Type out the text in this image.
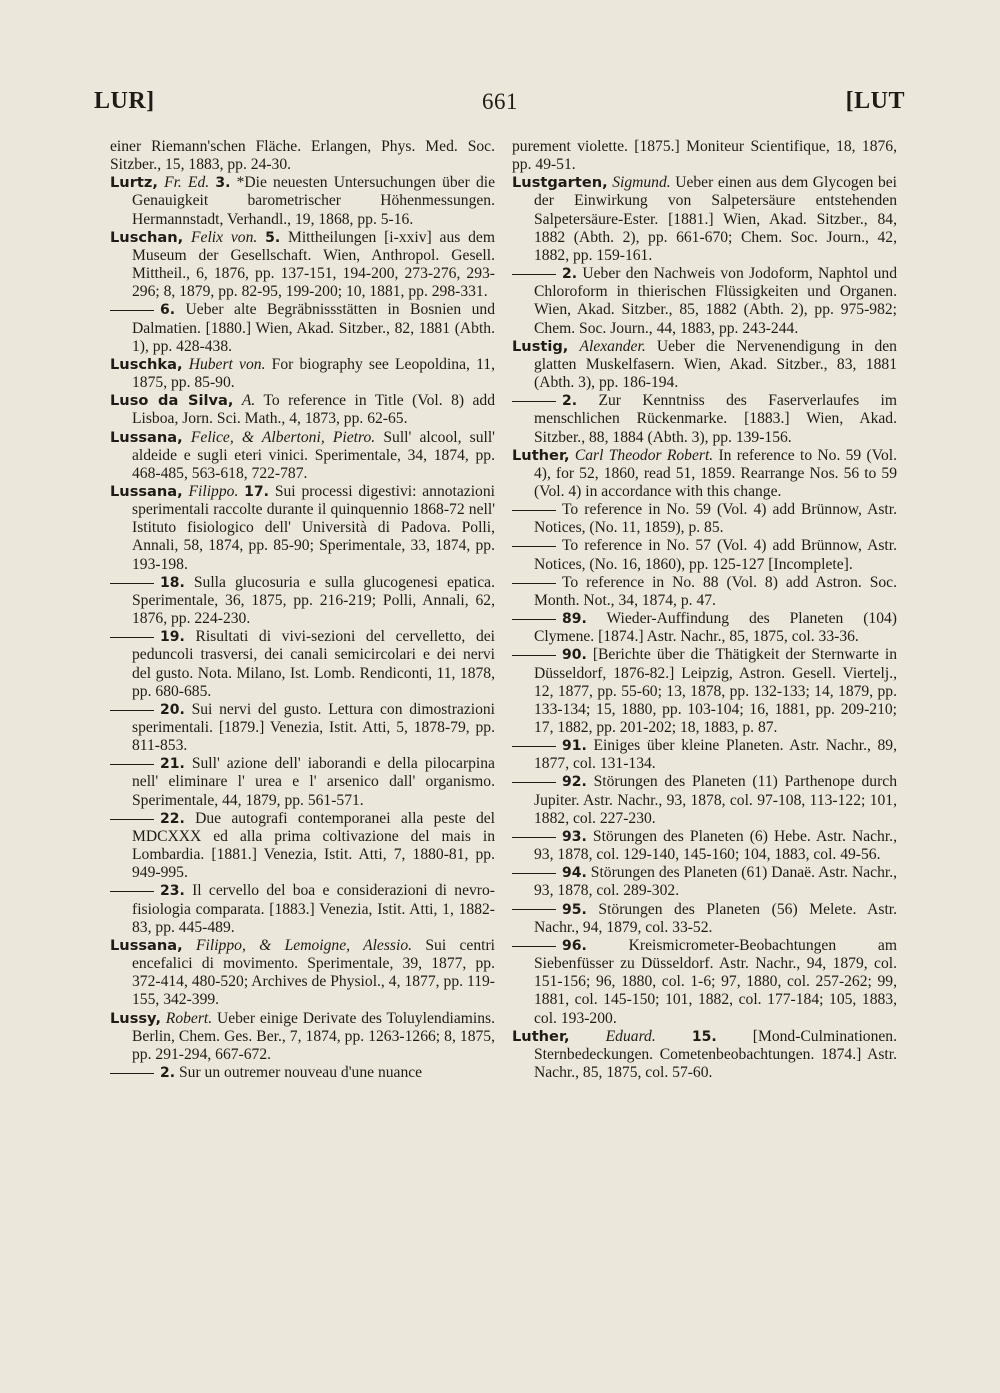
LUR]	661	[LUT

einer Riemann'schen Fläche. Erlangen, Phys. Med. Soc. Sitzber., 15, 1883, pp. 24-30.

Lurtz, Fr. Ed. 3. *Die neuesten Untersuchungen über die Genauigkeit barometrischer Höhenmessungen. Hermannstadt, Verhandl., 19, 1868, pp. 5-16.

Luschan, Felix von. 5. Mittheilungen [i-xxiv] aus dem Museum der Gesellschaft. Wien, Anthropol. Gesell. Mittheil., 6, 1876, pp. 137-151, 194-200, 273-276, 293-296; 8, 1879, pp. 82-95, 199-200; 10, 1881, pp. 298-331.

6. Ueber alte Begräbnissstätten in Bosnien und Dalmatien. [1880.] Wien, Akad. Sitzber., 82, 1881 (Abth. 1), pp. 428-438.

Luschka, Hubert von. For biography see Leopoldina, 11, 1875, pp. 85-90.

Luso da Silva, A. To reference in Title (Vol. 8) add Lisboa, Jorn. Sci. Math., 4, 1873, pp. 62-65.

Lussana, Felice, & Albertoni, Pietro. Sull' alcool, sull' aldeide e sugli eteri vinici. Sperimentale, 34, 1874, pp. 468-485, 563-618, 722-787.

Lussana, Filippo. 17. Sui processi digestivi: annotazioni sperimentali raccolte durante il quinquennio 1868-72 nell' Istituto fisiologico dell' Università di Padova. Polli, Annali, 58, 1874, pp. 85-90; Sperimentale, 33, 1874, pp. 193-198.

18. Sulla glucosuria e sulla glucogenesi epatica. Sperimentale, 36, 1875, pp. 216-219; Polli, Annali, 62, 1876, pp. 224-230.

19. Risultati di vivi-sezioni del cervelletto, dei peduncoli trasversi, dei canali semicircolari e dei nervi del gusto. Nota. Milano, Ist. Lomb. Rendiconti, 11, 1878, pp. 680-685.

20. Sui nervi del gusto. Lettura con dimostrazioni sperimentali. [1879.] Venezia, Istit. Atti, 5, 1878-79, pp. 811-853.

21. Sull' azione dell' iaborandi e della pilocarpina nell' eliminare l' urea e l' arsenico dall' organismo. Sperimentale, 44, 1879, pp. 561-571.

22. Due autografi contemporanei alla peste del MDCXXX ed alla prima coltivazione del mais in Lombardia. [1881.] Venezia, Istit. Atti, 7, 1880-81, pp. 949-995.

23. Il cervello del boa e considerazioni di nevro-fisiologia comparata. [1883.] Venezia, Istit. Atti, 1, 1882-83, pp. 445-489.

Lussana, Filippo, & Lemoigne, Alessio. Sui centri encefalici di movimento. Sperimentale, 39, 1877, pp. 372-414, 480-520; Archives de Physiol., 4, 1877, pp. 119-155, 342-399.

Lussy, Robert. Ueber einige Derivate des Toluylendiamins. Berlin, Chem. Ges. Ber., 7, 1874, pp. 1263-1266; 8, 1875, pp. 291-294, 667-672.

2. Sur un outremer nouveau d'une nuance

purement violette. [1875.] Moniteur Scientifique, 18, 1876, pp. 49-51.

Lustgarten, Sigmund. Ueber einen aus dem Glycogen bei der Einwirkung von Salpetersäure entstehenden Salpetersäure-Ester. [1881.] Wien, Akad. Sitzber., 84, 1882 (Abth. 2), pp. 661-670; Chem. Soc. Journ., 42, 1882, pp. 159-161.

2. Ueber den Nachweis von Jodoform, Naphtol und Chloroform in thierischen Flüssigkeiten und Organen. Wien, Akad. Sitzber., 85, 1882 (Abth. 2), pp. 975-982; Chem. Soc. Journ., 44, 1883, pp. 243-244.

Lustig, Alexander. Ueber die Nervenendigung in den glatten Muskelfasern. Wien, Akad. Sitzber., 83, 1881 (Abth. 3), pp. 186-194.

2. Zur Kenntniss des Faserverlaufes im menschlichen Rückenmarke. [1883.] Wien, Akad. Sitzber., 88, 1884 (Abth. 3), pp. 139-156.

Luther, Carl Theodor Robert. In reference to No. 59 (Vol. 4), for 52, 1860, read 51, 1859. Rearrange Nos. 56 to 59 (Vol. 4) in accordance with this change.

To reference in No. 59 (Vol. 4) add Brünnow, Astr. Notices, (No. 11, 1859), p. 85.

To reference in No. 57 (Vol. 4) add Brünnow, Astr. Notices, (No. 16, 1860), pp. 125-127 [Incomplete].

To reference in No. 88 (Vol. 8) add Astron. Soc. Month. Not., 34, 1874, p. 47.

89. Wieder-Auffindung des Planeten (104) Clymene. [1874.] Astr. Nachr., 85, 1875, col. 33-36.

90. [Berichte über die Thätigkeit der Sternwarte in Düsseldorf, 1876-82.] Leipzig, Astron. Gesell. Viertelj., 12, 1877, pp. 55-60; 13, 1878, pp. 132-133; 14, 1879, pp. 133-134; 15, 1880, pp. 103-104; 16, 1881, pp. 209-210; 17, 1882, pp. 201-202; 18, 1883, p. 87.

91. Einiges über kleine Planeten. Astr. Nachr., 89, 1877, col. 131-134.

92. Störungen des Planeten (11) Parthenope durch Jupiter. Astr. Nachr., 93, 1878, col. 97-108, 113-122; 101, 1882, col. 227-230.

93. Störungen des Planeten (6) Hebe. Astr. Nachr., 93, 1878, col. 129-140, 145-160; 104, 1883, col. 49-56.

94. Störungen des Planeten (61) Danaë. Astr. Nachr., 93, 1878, col. 289-302.

95. Störungen des Planeten (56) Melete. Astr. Nachr., 94, 1879, col. 33-52.

96.	Kreismicrometer-Beobachtungen am Siebenfüsser zu Düsseldorf. Astr. Nachr., 94, 1879, col. 151-156; 96, 1880, col. 1-6; 97, 1880, col. 257-262; 99, 1881, col. 145-150; 101, 1882, col. 177-184; 105, 1883, col. 193-200.

Luther, Eduard.	15. [Mond-Culminationen. Sternbedeckungen. Cometenbeobachtungen. 1874.] Astr. Nachr., 85, 1875, col. 57-60.
